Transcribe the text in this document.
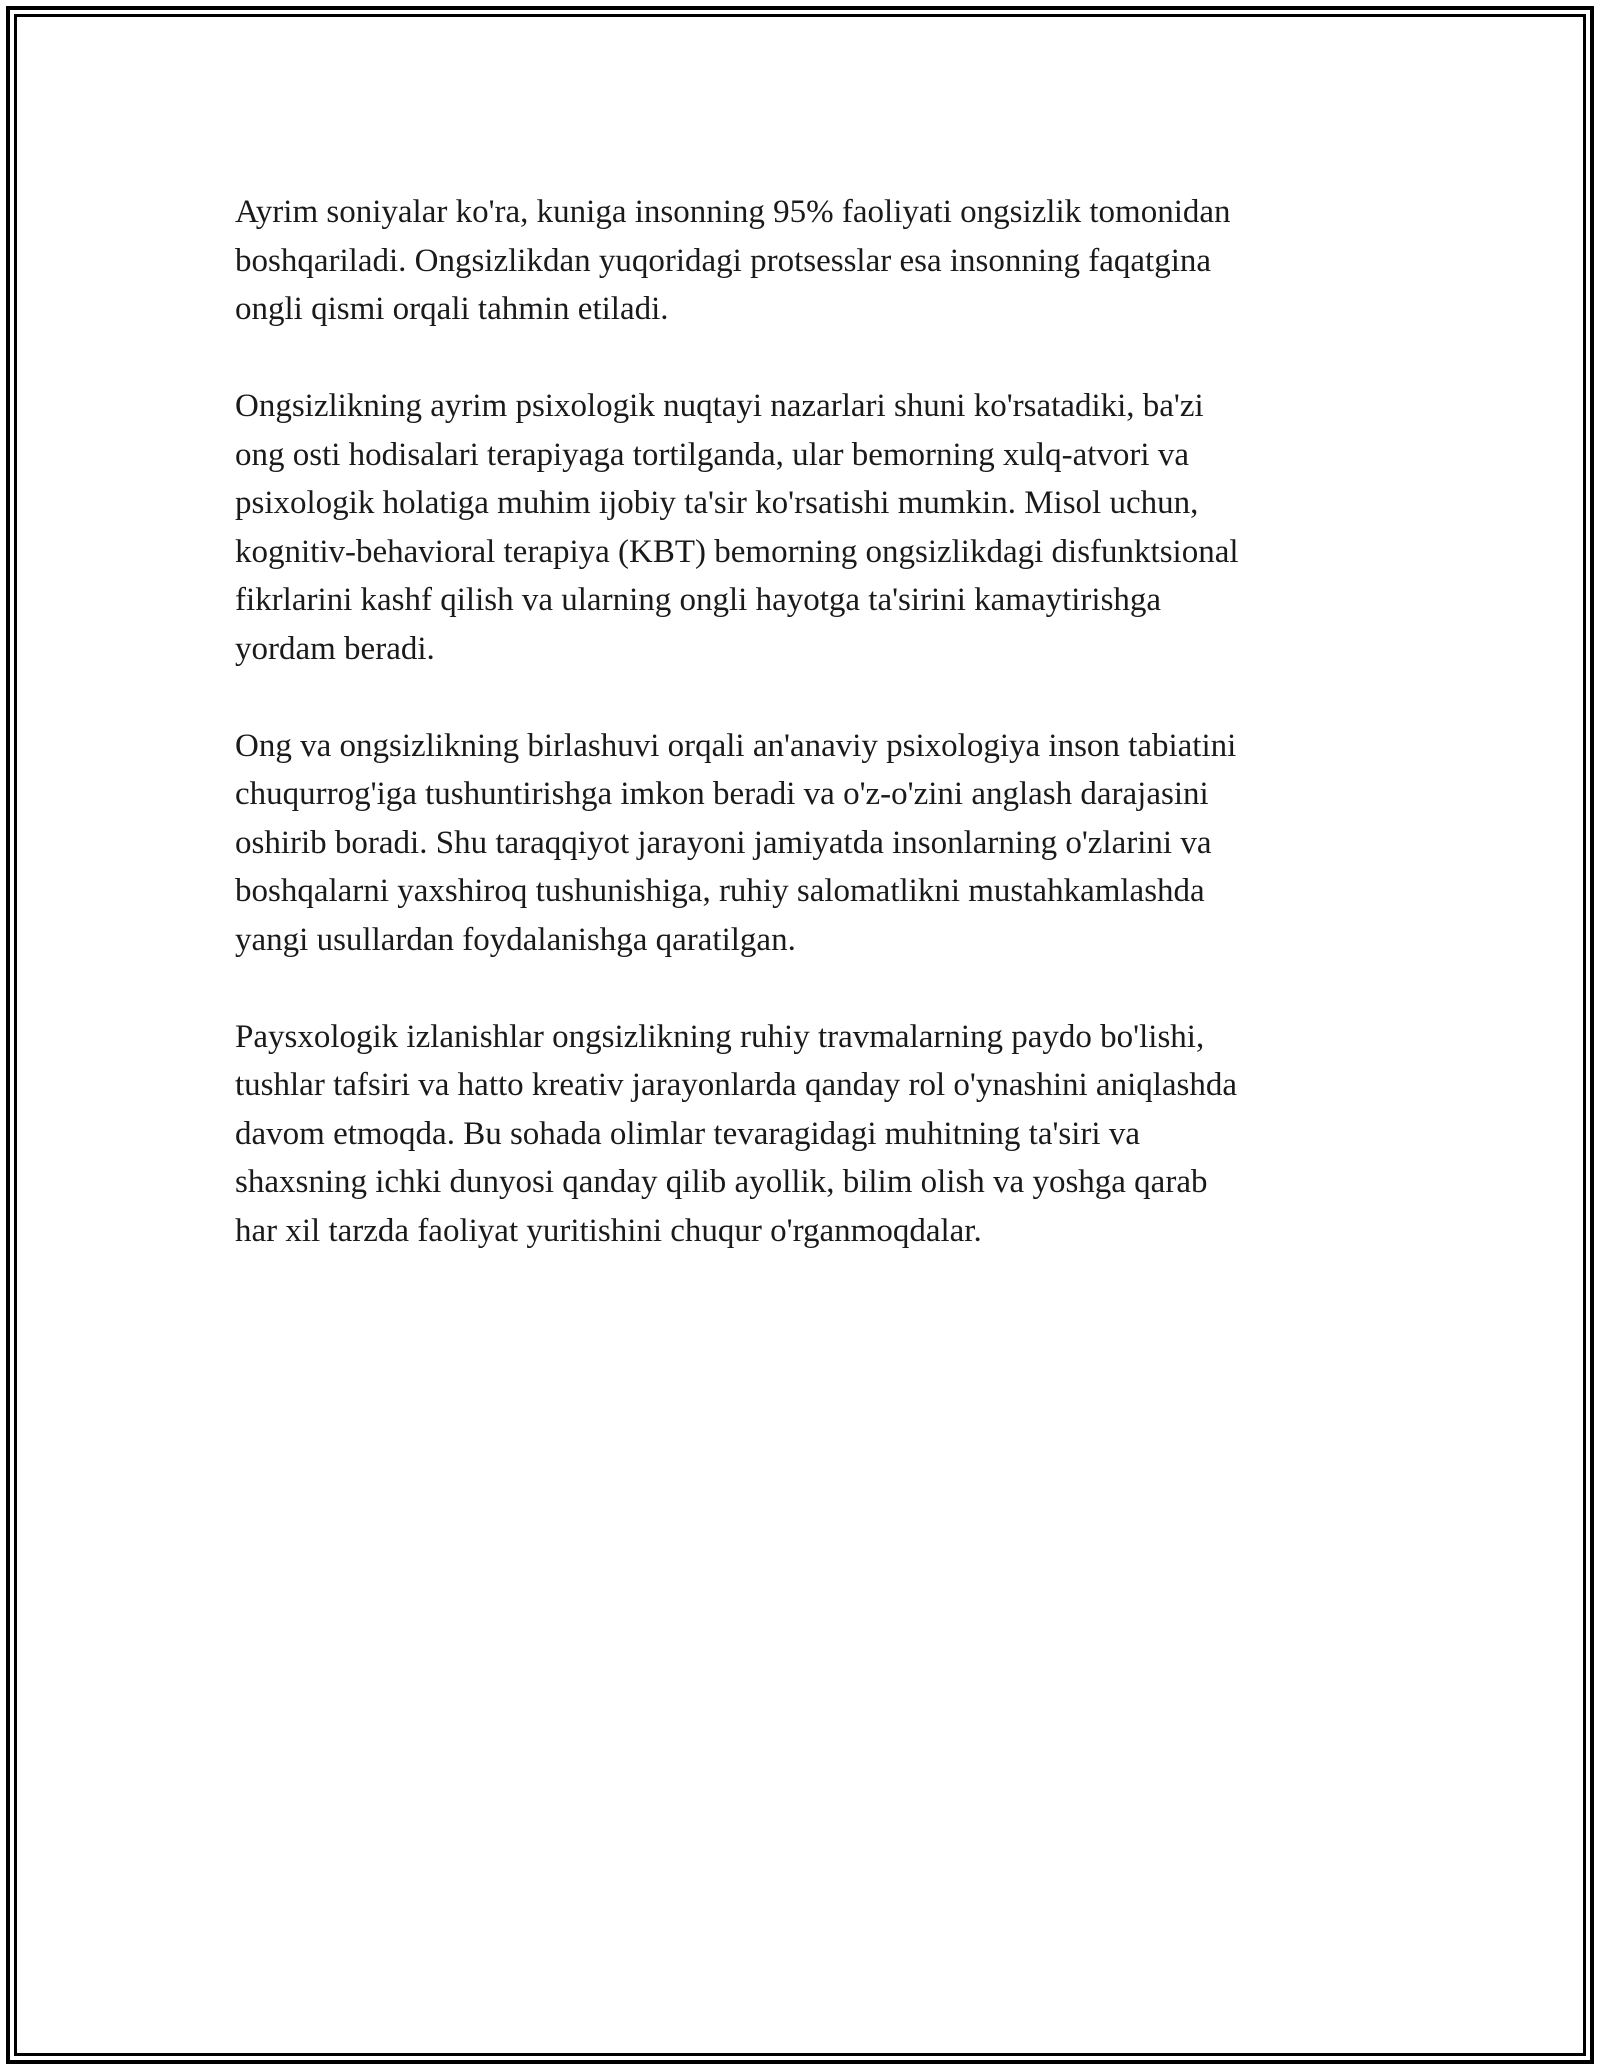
Ayrim soniyalar ko'ra, kuniga insonning 95% faoliyati ongsizlik tomonidan
boshqariladi. Ongsizlikdan yuqoridagi protsesslar esa insonning faqatgina
ongli qismi orqali tahmin etiladi.

Ongsizlikning ayrim psixologik nuqtayi nazarlari shuni ko'rsatadiki, ba'zi
ong osti hodisalari terapiyaga tortilganda, ular bemorning xulq-atvori va
psixologik holatiga muhim ijobiy ta'sir ko'rsatishi mumkin. Misol uchun,
kognitiv-behavioral terapiya (KBT) bemorning ongsizlikdagi disfunktsional
fikrlarini kashf qilish va ularning ongli hayotga ta'sirini kamaytirishga
yordam beradi.

Ong va ongsizlikning birlashuvi orqali an'anaviy psixologiya inson tabiatini
chuqurrog'iga tushuntirishga imkon beradi va o'z-o'zini anglash darajasini
oshirib boradi. Shu taraqqiyot jarayoni jamiyatda insonlarning o'zlarini va
boshqalarni yaxshiroq tushunishiga, ruhiy salomatlikni mustahkamlashda
yangi usullardan foydalanishga qaratilgan.

Paysxologik izlanishlar ongsizlikning ruhiy travmalarning paydo bo'lishi,
tushlar tafsiri va hatto kreativ jarayonlarda qanday rol o'ynashini aniqlashda
davom etmoqda. Bu sohada olimlar tevaragidagi muhitning ta'siri va
shaxsning ichki dunyosi qanday qilib ayollik, bilim olish va yoshga qarab
har xil tarzda faoliyat yuritishini chuqur o'rganmoqdalar.
